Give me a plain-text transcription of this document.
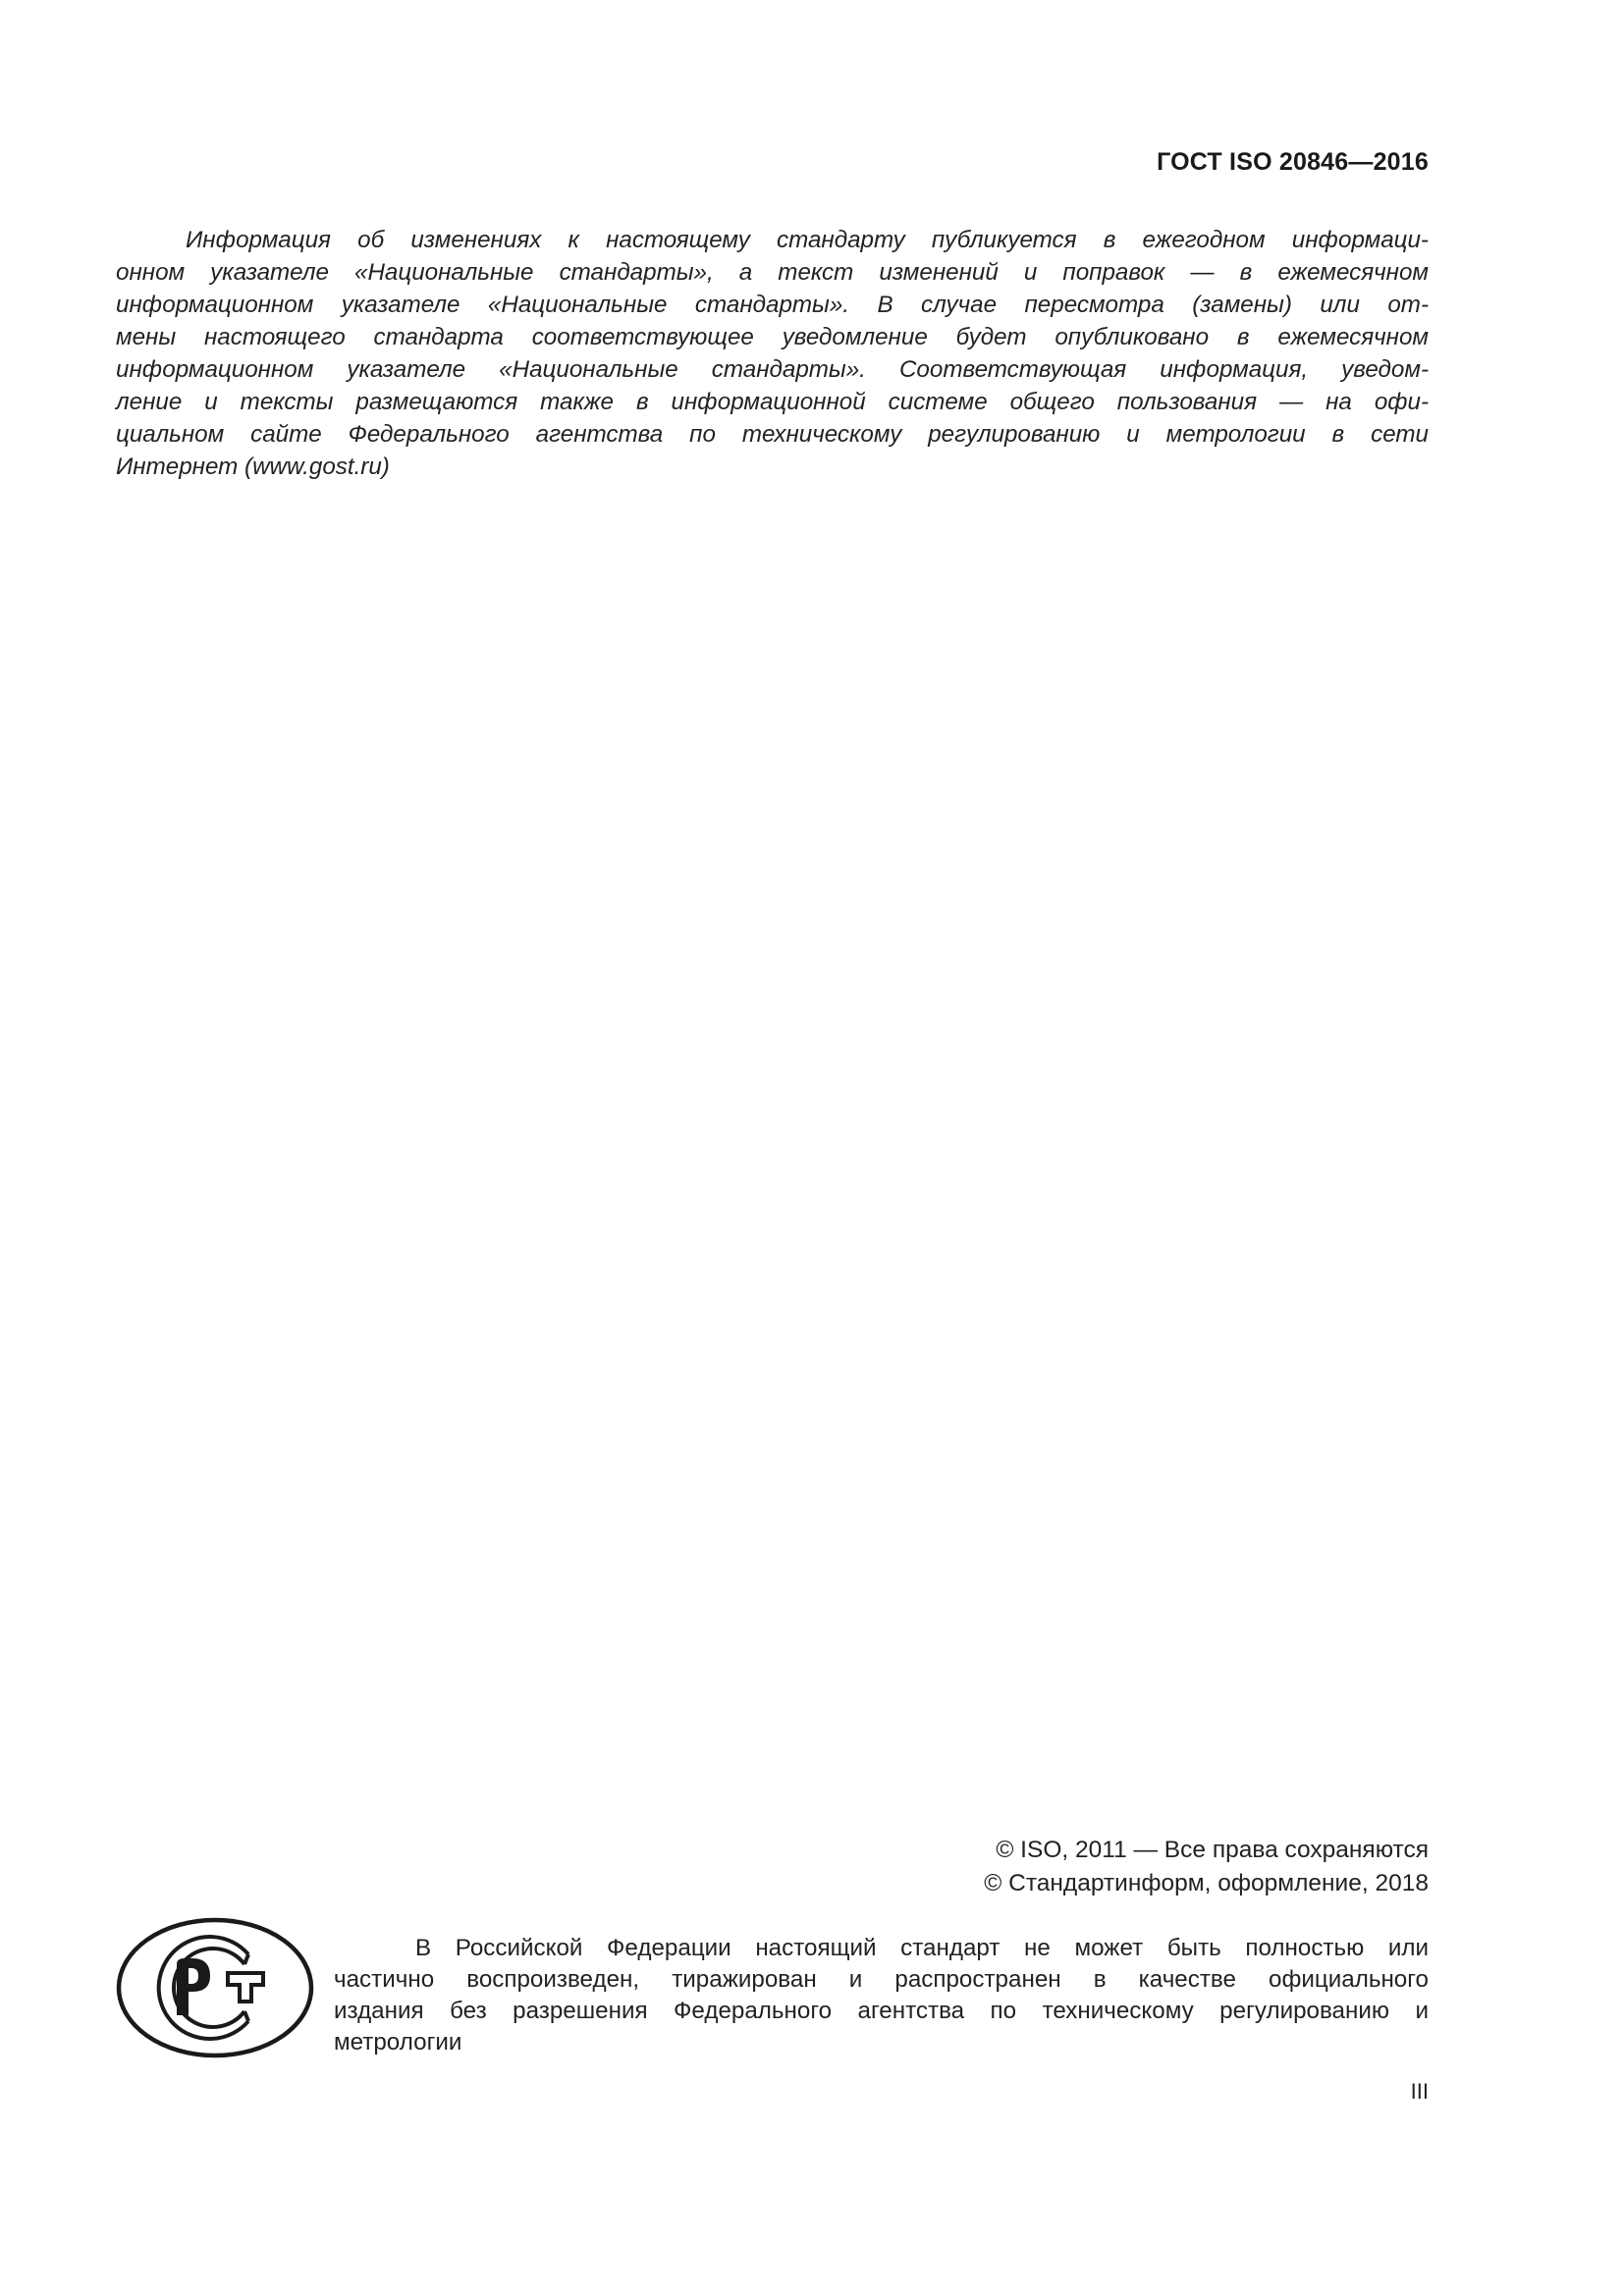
ГОСТ ISO 20846—2016

Информация об изменениях к настоящему стандарту публикуется в ежегодном информаци-
онном указателе «Национальные стандарты», а текст изменений и поправок — в ежемесячном
информационном указателе «Национальные стандарты». В случае пересмотра (замены) или от-
мены настоящего стандарта соответствующее уведомление будет опубликовано в ежемесячном
информационном указателе «Национальные стандарты». Соответствующая информация, уведом-
ление и тексты размещаются также в информационной системе общего пользования — на офи-
циальном сайте Федерального агентства по техническому регулированию и метрологии в сети
Интернет (www.gost.ru)

© ISO, 2011 — Все права сохраняются
© Стандартинформ, оформление, 2018

В Российской Федерации настоящий стандарт не может быть полностью или
частично воспроизведен, тиражирован и распространен в качестве официального
издания без разрешения Федерального агентства по техническому регулированию и
метрологии

III
